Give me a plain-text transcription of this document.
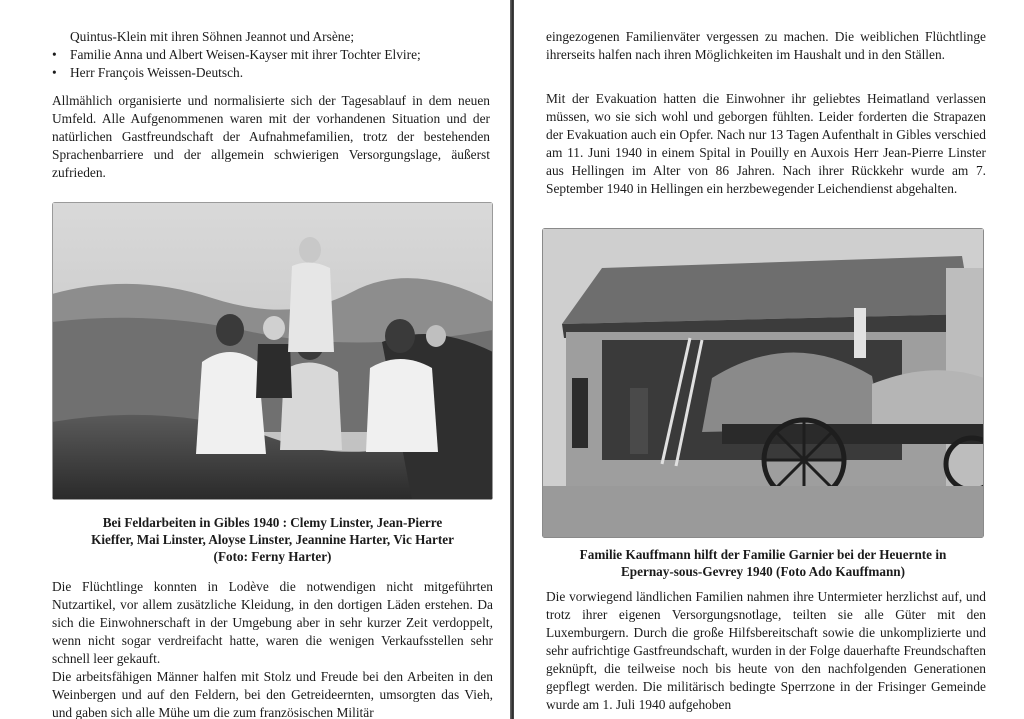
Quintus-Klein mit ihren Söhnen Jeannot und Arsène;

• Familie Anna und Albert Weisen-Kayser mit ihrer Tochter Elvire;
• Herr François Weissen-Deutsch.

Allmählich organisierte und normalisierte sich der Tagesablauf in dem neuen Umfeld. Alle Aufgenommenen waren mit der vorhandenen Situation und der natürlichen Gastfreundschaft der Aufnahmefamilien, trotz der bestehenden Sprachenbarriere und der allgemein schwierigen Versorgungslage, äußerst zufrieden.

Bei Feldarbeiten in Gibles 1940 : Clemy Linster, Jean-Pierre
Kieffer, Mai Linster, Aloyse Linster, Jeannine Harter, Vic Harter
(Foto: Ferny Harter)

Die Flüchtlinge konnten in Lodève die notwendigen nicht mitgeführten Nutzartikel, vor allem zusätzliche Kleidung, in den dortigen Läden erstehen. Da sich die Einwohnerschaft in der Umgebung aber in sehr kurzer Zeit verdoppelt, wenn nicht sogar verdreifacht hatte, waren die wenigen Verkaufsstellen sehr schnell leer gekauft.

Die arbeitsfähigen Männer halfen mit Stolz und Freude bei den Arbeiten in den Weinbergen und auf den Feldern, bei den Getreideernten, umsorgten das Vieh, und gaben sich alle Mühe um die zum französischen Militär

eingezogenen Familienväter vergessen zu machen. Die weiblichen Flüchtlinge ihrerseits halfen nach ihren Möglichkeiten im Haushalt und in den Ställen.

Mit der Evakuation hatten die Einwohner ihr geliebtes Heimatland verlassen müssen, wo sie sich wohl und geborgen fühlten. Leider forderten die Strapazen der Evakuation auch ein Opfer. Nach nur 13 Tagen Aufenthalt in Gibles verschied am 11. Juni 1940 in einem Spital in Pouilly en Auxois Herr Jean-Pierre Linster aus Hellingen im Alter von 86 Jahren. Nach ihrer Rückkehr wurde am 7. September 1940 in Hellingen ein herzbewegender Leichendienst abgehalten.

Familie Kauffmann hilft der Familie Garnier bei der Heuernte in
Epernay-sous-Gevrey 1940 (Foto Ado Kauffmann)

Die vorwiegend ländlichen Familien nahmen ihre Untermieter herzlichst auf, und trotz ihrer eigenen Versorgungsnotlage, teilten sie alle Güter mit den Luxemburgern. Durch die große Hilfsbereitschaft sowie die unkomplizierte und sehr aufrichtige Gastfreundschaft, wurden in der Folge dauerhafte Freundschaften geknüpft, die teilweise noch bis heute von den nachfolgenden Generationen gepflegt werden. Die militärisch bedingte Sperrzone in der Frisinger Gemeinde wurde am 1. Juli 1940 aufgehoben
